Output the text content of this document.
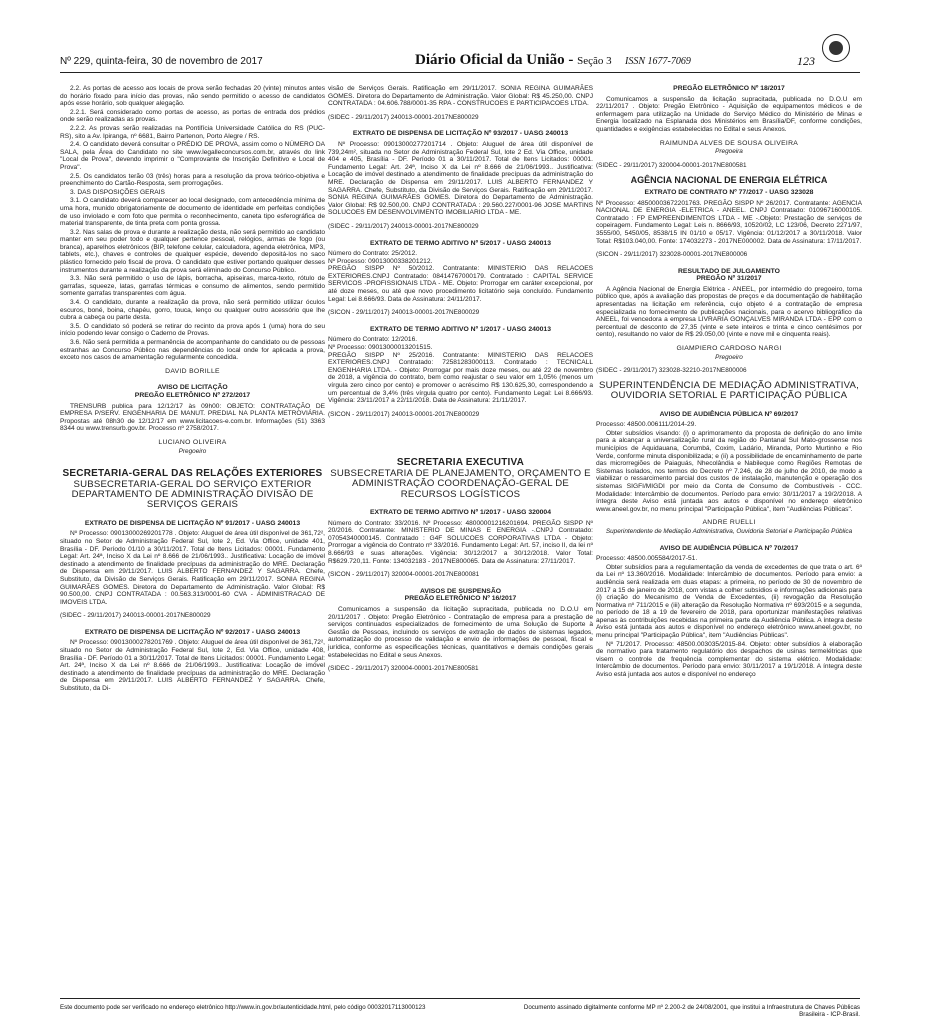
Nº 229, quinta-feira, 30 de novembro de 2017	Diário Oficial da União - Seção 3 ISSN 1677-7069	123

2.2. As portas de acesso aos locais de prova serão fechadas 20 (vinte) minutos antes do horário fixado para início das provas, não sendo permitido o acesso de candidatos após esse horário, sob qualquer alegação.

2.2.1. Será considerado como portas de acesso, as portas de entrada dos prédios onde serão realizadas as provas.

2.2.2. As provas serão realizadas na Pontifícia Universidade Católica do RS (PUC-RS), sito a Av. Ipiranga, nº 6681, Bairro Partenon, Porto Alegre / RS.

2.4. O candidato deverá consultar o PRÉDIO DE PROVA, assim como o NÚMERO DA SALA, pela Área do Candidato no site www.legalleconcursos.com.br, através do link "Local de Prova", devendo imprimir o "Comprovante de Inscrição Definitivo e Local de Prova".

2.5. Os candidatos terão 03 (três) horas para a resolução da prova teórico-objetiva e preenchimento do Cartão-Resposta, sem prorrogações.

3. DAS DISPOSIÇÕES GERAIS

3.1. O candidato deverá comparecer ao local designado, com antecedência mínima de uma hora, munido obrigatoriamente de documento de identidade em perfeitas condições de uso inviolado e com foto que permita o reconhecimento, caneta tipo esferográfica de material transparente, de tinta preta com ponta grossa.

3.2. Nas salas de prova e durante a realização desta, não será permitido ao candidato manter em seu poder todo e qualquer pertence pessoal, relógios, armas de fogo (ou branca), aparelhos eletrônicos (BIP, telefone celular, calculadora, agenda eletrônica, MP3, tablets, etc.), chaves e controles de qualquer espécie, devendo depositá-los no saco plástico fornecido pelo fiscal de prova. O candidato que estiver portando qualquer desses instrumentos durante a realização da prova será eliminado do Concurso Público.

3.3. Não será permitido o uso de lápis, borracha, apiseiras, marca-texto, rótulo de garrafas, squeeze, latas, garrafas térmicas e consumo de alimentos, sendo permitido somente garrafas transparentes com água.

3.4. O candidato, durante a realização da prova, não será permitido utilizar óculos escuros, boné, boina, chapéu, gorro, touca, lenço ou qualquer outro acessório que lhe cubra a cabeça ou parte desta.

3.5. O candidato só poderá se retirar do recinto da prova após 1 (uma) hora do seu início podendo levar consigo o Caderno de Provas.

3.6. Não será permitida a permanência de acompanhante do candidato ou de pessoas estranhas ao Concurso Público nas dependências do local onde for aplicada a prova, exceto nos casos de amamentação regularmente concedida.

DAVID BORILLE
AVISO DE LICITAÇÃO
PREGÃO ELETRÔNICO Nº 272/2017

TRENSURB publica para 12/12/17 às 09h00: OBJETO: CONTRATAÇÃO DE EMPRESA P/SERV. ENGENHARIA DE MANUT. PREDIAL NA PLANTA METROVIÁRIA. Propostas até 08h30 de 12/12/17 em www.licitacoes-e.com.br. Informações (51) 3363 8344 ou www.trensurb.gov.br. Processo nº 2758/2017.

LUCIANO OLIVEIRA
Pregoeiro
SECRETARIA-GERAL DAS RELAÇÕES EXTERIORES
SUBSECRETARIA-GERAL DO SERVIÇO EXTERIOR DEPARTAMENTO DE ADMINISTRAÇÃO DIVISÃO DE SERVIÇOS GERAIS
EXTRATO DE DISPENSA DE LICITAÇÃO Nº 91/2017 - UASG 240013

Nº Processo: 09013000269201778 . Objeto: Aluguel de área útil disponível de 361,72², situado no Setor de Administração Federal Sul, lote 2, Ed. Via Office, unidade 401, Brasília - DF. Período 01/10 a 30/11/2017. Total de Itens Licitados: 00001. Fundamento Legal: Art. 24ª, Inciso X da Lei nº 8.666 de 21/06/1993.. Justificativa: Locação de imóvel destinado a atendimento de finalidade precípuas da administração do MRE. Declaração de Dispensa em 29/11/2017. LUIS ALBERTO FERNANDEZ Y SAGARRA. Chefe, Substituto, da Divisão de Serviços Gerais. Ratificação em 29/11/2017. SONIA REGINA GUIMARÃES GOMES. Diretora do Departamento de Administração. Valor Global: R$ 90.500,00. CNPJ CONTRATADA : 00.563.313/0001-60 CVA - ADMINISTRACAO DE IMOVEIS LTDA.

(SIDEC - 29/11/2017) 240013-00001-2017NE800029
EXTRATO DE DISPENSA DE LICITAÇÃO Nº 92/2017 - UASG 240013

Nº Processo: 09013000278201769 . Objeto: Aluguel de área útil disponível de 361,72², situado no Setor de Administração Federal Sul, lote 2, Ed. Via Office, unidade 408, Brasília - DF. Período 01 a 30/11/2017. Total de Itens Licitados: 00001. Fundamento Legal: Art. 24ª, Inciso X da Lei nº 8.666 de 21/06/1993.. Justificativa: Locação de imóvel destinado a atendimento de finalidade precípuas da administração do MRE. Declaração de Dispensa em 29/11/2017. LUIS ALBERTO FERNANDEZ Y SAGARRA. Chefe, Substituto, da Di-

visão de Serviços Gerais. Ratificação em 29/11/2017. SONIA REGINA GUIMARÃES GOMES. Diretora do Departamento de Administração. Valor Global: R$ 45.250,00. CNPJ CONTRATADA : 04.606.788/0001-35 RPA - CONSTRUCOES E PARTICIPACOES LTDA.

(SIDEC - 29/11/2017) 240013-00001-2017NE800029
EXTRATO DE DISPENSA DE LICITAÇÃO Nº 93/2017 - UASG 240013

Nº Processo: 09013000277201714 . Objeto: Aluguel de área útil disponível de 739,24m², situada no Setor de Administração Federal Sul, lote 2 Ed. Via Office, unidade 404 e 405, Brasília - DF. Período 01 a 30/11/2017. Total de Itens Licitados: 00001. Fundamento Legal: Art. 24ª, Inciso X da Lei nº 8.666 de 21/06/1993.. Justificativa: Locação de imóvel destinado a atendimento de finalidade precípuas da administração do MRE. Declaração de Dispensa em 29/11/2017. LUIS ALBERTO FERNANDEZ Y SAGARRA. Chefe, Substituto, da Divisão de Serviços Gerais. Ratificação em 29/11/2017. SONIA REGINA GUIMARÃES GOMES. Diretora do Departamento de Administração. Valor Global: R$ 92.500,00. CNPJ CONTRATADA : 29.560.227/0001-96 JOSE MARTINS SOLUCOES EM DESENVOLVIMENTO IMOBILIARIO LTDA - ME.

(SIDEC - 29/11/2017) 240013-00001-2017NE800029
EXTRATO DE TERMO ADITIVO Nº 5/2017 - UASG 240013

Número do Contrato: 25/2012.
Nº Processo: 09013000338201212.
PREGÃO SISPP Nº 50/2012. Contratante: MINISTERIO DAS RELACOES EXTERIORES.CNPJ Contratado: 08414767000179. Contratado : CAPITAL SERVICE SERVICOS -PROFISSIONAIS LTDA - ME. Objeto: Prorrogar em caráter excepcional, por até doze meses, ou até que novo procedimento licitatório seja concluído. Fundamento Legal: Lei 8.666/93. Data de Assinatura: 24/11/2017.

(SICON - 29/11/2017) 240013-00001-2017NE800029
EXTRATO DE TERMO ADITIVO Nº 1/2017 - UASG 240013

Número do Contrato: 12/2016.
Nº Processo: 09013000013201515.
PREGÃO SISPP Nº 25/2016. Contratante: MINISTERIO DAS RELACOES EXTERIORES.CNPJ Contratado: 72581283000113. Contratado : TECNICALL ENGENHARIA LTDA. - Objeto: Prorrogar por mais doze meses, ou até 22 de novembro de 2018, a vigência do contrato, bem como reajustar o seu valor em 1,05% (menos um vírgula zero cinco por cento) e promover o acréscimo R$ 130.625,30, correspondendo a um percentual de 3,4% (três vírgula quatro por cento). Fundamento Legal: Lei 8.666/93. Vigência: 23/11/2017 a 22/11/2018. Data de Assinatura: 21/11/2017.

(SICON - 29/11/2017) 240013-00001-2017NE800029
SECRETARIA EXECUTIVA
SUBSECRETARIA DE PLANEJAMENTO, ORÇAMENTO E ADMINISTRAÇÃO COORDENAÇÃO-GERAL DE RECURSOS LOGÍSTICOS
EXTRATO DE TERMO ADITIVO Nº 1/2017 - UASG 320004

Número do Contrato: 33/2016. Nº Processo: 48000001216201694. PREGÃO SISPP Nº 20/2016. Contratante: MINISTERIO DE MINAS E ENERGIA -.CNPJ Contratado: 07054340000145. Contratado : G4F SOLUCOES CORPORATIVAS LTDA - Objeto: Prorrogar a vigência do Contrato nº 33/2016. Fundamento Legal: Art. 57, inciso II, da lei nº 8.666/93 e suas alterações. Vigência: 30/12/2017 a 30/12/2018. Valor Total: R$629.720,11. Fonte: 134032183 - 2017NE800065. Data de Assinatura: 27/11/2017.

(SICON - 29/11/2017) 320004-00001-2017NE800081
AVISOS DE SUSPENSÃO
PREGÃO ELETRÔNICO Nº 16/2017

Comunicamos a suspensão da licitação supracitada, publicada no D.O.U em 20/11/2017 . Objeto: Pregão Eletrônico - Contratação de empresa para a prestação de serviços continuados especializados de fornecimento de uma Solução de Suporte à Gestão de Pessoas, incluindo os serviços de extração de dados de sistemas legados, automatização do processo de validação e envio de informações de pessoal, fiscal e jurídica, conforme as especificações técnicas, quantitativos e demais condições gerais estabelecidas no Edital e seus Anexos.

(SIDEC - 29/11/2017) 320004-00001-2017NE800581
PREGÃO ELETRÔNICO Nº 18/2017

Comunicamos a suspensão da licitação supracitada, publicada no D.O.U em 22/11/2017 . Objeto: Pregão Eletrônico - Aquisição de equipamentos médicos e de enfermagem para utilização na Unidade do Serviço Médico do Ministério de Minas e Energia localizado na Esplanada dos Ministérios em Brasília/DF, conforme condições, quantidades e exigências estabelecidas no Edital e seus Anexos.

RAIMUNDA ALVES DE SOUSA OLIVEIRA
Pregoeira
(SIDEC - 29/11/2017) 320004-00001-2017NE800581
AGÊNCIA NACIONAL DE ENERGIA ELÉTRICA
EXTRATO DE CONTRATO Nº 77/2017 - UASG 323028

Nº Processo: 48500003672201763. PREGÃO SISPP Nº 26/2017. Contratante: AGENCIA NACIONAL DE ENERGIA -ELETRICA - ANEEL. CNPJ Contratado: 01096716000105. Contratado : FP EMPREENDIMENTOS LTDA - ME -.Objeto: Prestação de serviços de copeiragem. Fundamento Legal: Leis n. 8666/93, 10520/02, LC 123/06, Decreto 2271/97, 3555/00, 5450/05, 8538/15 IN 01/10 e 05/17. Vigência: 01/12/2017 a 30/11/2018. Valor Total: R$103.040,00. Fonte: 174032273 - 2017NE000002. Data de Assinatura: 17/11/2017.

(SICON - 29/11/2017) 323028-00001-2017NE800006
RESULTADO DE JULGAMENTO
PREGÃO Nº 31/2017

A Agência Nacional de Energia Elétrica - ANEEL, por intermédio do pregoeiro, torna público que, após a avaliação das propostas de preços e da documentação de habilitação apresentadas na licitação em referência, cujo objeto é a contratação de empresa especializada no fornecimento de publicações nacionais, para o acervo bibliográfico da ANEEL, foi vencedora a empresa LIVRARIA GONÇALVES MIRANDA LTDA - EPP com o percentual de desconto de 27,35 (vinte e sete inteiros e trinta e cinco centésimos por cento), resultando no valor de R$ 29.050,00 (vinte e nove mil e cinquenta reais).

GIAMPIERO CARDOSO NARGI
Pregoeiro
(SIDEC - 29/11/2017) 323028-32210-2017NE800006
SUPERINTENDÊNCIA DE MEDIAÇÃO ADMINISTRATIVA, OUVIDORIA SETORIAL E PARTICIPAÇÃO PÚBLICA
AVISO DE AUDIÊNCIA PÚBLICA Nº 69/2017

Processo: 48500.006111/2014-29.

Obter subsídios visando: (i) o aprimoramento da proposta de definição do ano limite para a alcançar a universalização rural da região do Pantanal Sul Mato-grossense nos municípios de Aquidauana, Corumbá, Coxim, Ladário, Miranda, Porto Murtinho e Rio Verde, conforme minuta disponibilizada; e (ii) a possibilidade de encaminhamento de parte das microrregiões de Paiaguás, Nhecolândia e Nabileque como Regiões Remotas de Sistemas Isolados, nos termos do Decreto nº 7.246, de 28 de julho de 2010, de modo a viabilizar o ressarcimento parcial dos custos de instalação, manutenção e operação dos sistemas SIGFI/MIGDI por meio da Conta de Consumo de Combustíveis - CCC. Modalidade: Intercâmbio de documentos. Período para envio: 30/11/2017 a 19/2/2018. A íntegra deste Aviso está juntada aos autos e disponível no endereço eletrônico www.aneel.gov.br, no menu principal "Participação Pública", item "Audiências Públicas".

ANDRE RUELLI
Superintendente de Mediação Administrativa, Ouvidoria Setorial e Participação Pública
AVISO DE AUDIÊNCIA PÚBLICA Nº 70/2017

Processo: 48500.005584/2017-51.

Obter subsídios para a regulamentação da venda de excedentes de que trata o art. 6º da Lei nº 13.360/2016. Modalidade: Intercâmbio de documentos. Período para envio: a audiência será realizada em duas etapas: a primeira, no período de 30 de novembro de 2017 a 15 de janeiro de 2018, com vistas a colher subsídios e informações adicionais para (i) criação do Mecanismo de Venda de Excedentes, (ii) revogação da Resolução Normativa nº 711/2015 e (iii) alteração da Resolução Normativa nº 693/2015 e a segunda, no período de 18 a 19 de fevereiro de 2018, para oportunizar manifestações relativas apenas às contribuições recebidas na primeira parte da Audiência Pública. A íntegra deste Aviso está juntada aos autos e disponível no endereço eletrônico www.aneel.gov.br, no menu principal "Participação Pública", item "Audiências Públicas".

Nº 71/2017. Processo: 48500.003035/2015-84. Objeto: obter subsídios à elaboração de normativo para tratamento regulatório dos despachos de usinas termelétricas que visem o controle de frequência complementar do sistema elétrico. Modalidade: Intercâmbio de documentos. Período para envio: 30/11/2017 a 19/1/2018. A íntegra deste Aviso está juntada aos autos e disponível no endereço

Este documento pode ser verificado no endereço eletrônico http://www.in.gov.br/autenticidade.html, pelo código 00032017113000123	Documento assinado digitalmente conforme MP nº 2.200-2 de 24/08/2001, que institui a Infraestrutura de Chaves Públicas Brasileira - ICP-Brasil.
